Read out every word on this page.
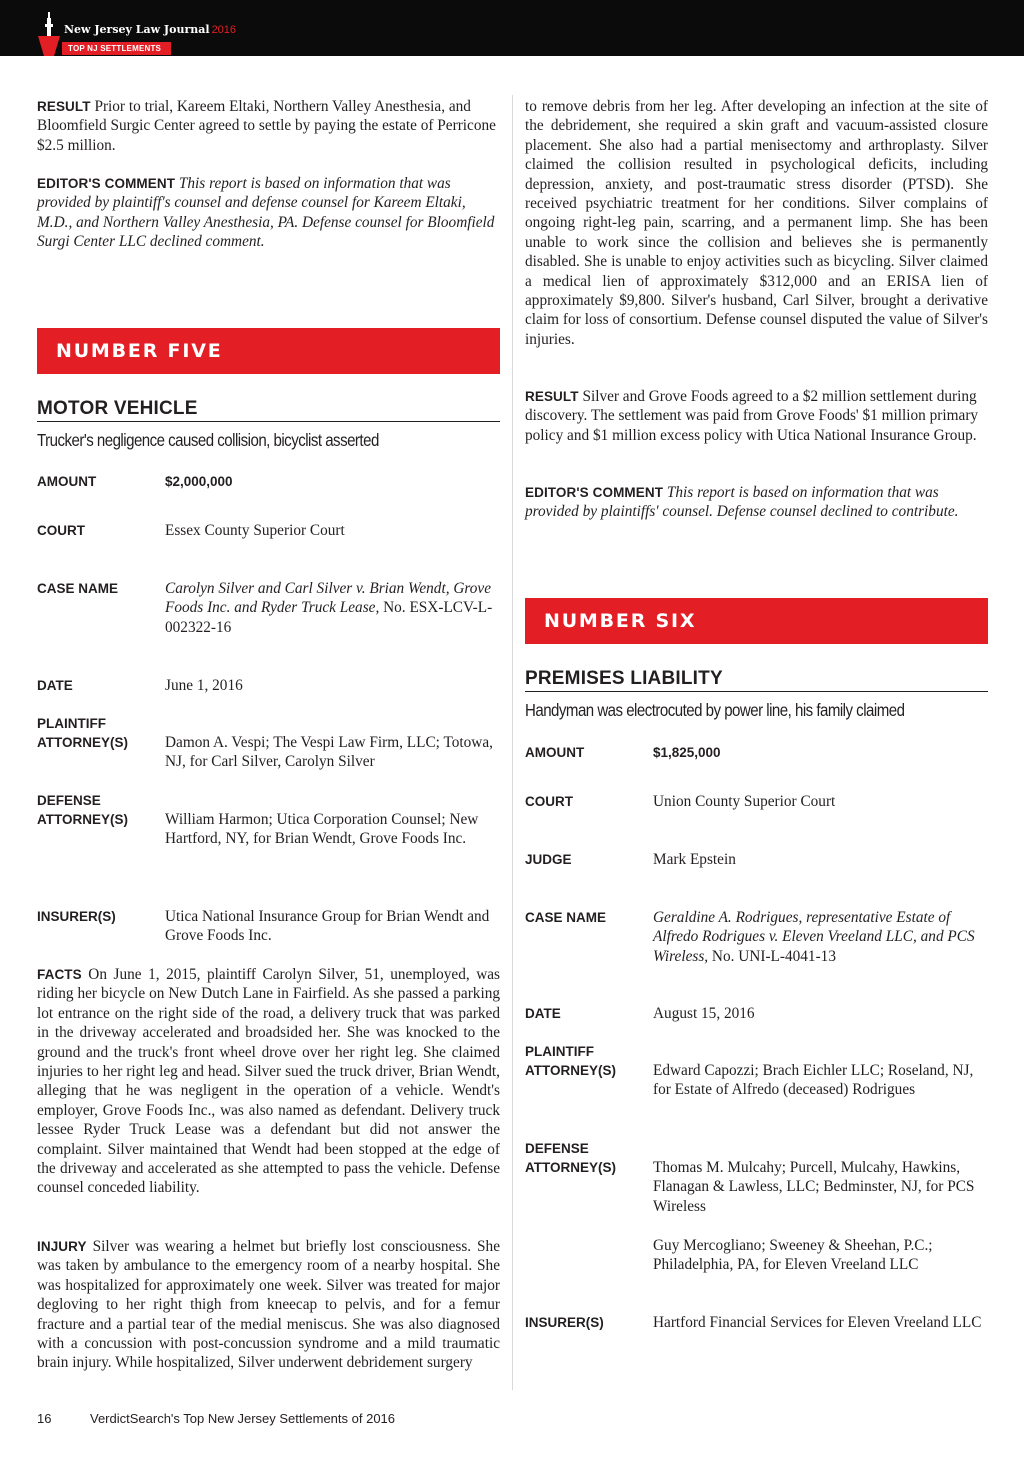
New Jersey Law Journal 2016
TOP NJ SETTLEMENTS

RESULT Prior to trial, Kareem Eltaki, Northern Valley Anesthesia, and Bloomfield Surgic Center agreed to settle by paying the estate of Perricone $2.5 million.

EDITOR'S COMMENT This report is based on information that was provided by plaintiff's counsel and defense counsel for Kareem Eltaki, M.D., and Northern Valley Anesthesia, PA. Defense counsel for Bloomfield Surgi Center LLC declined comment.

NUMBER FIVE
MOTOR VEHICLE
Trucker's negligence caused collision, bicyclist asserted
AMOUNT	$2,000,000
COURT	Essex County Superior Court
CASE NAME	Carolyn Silver and Carl Silver v. Brian Wendt, Grove Foods Inc. and Ryder Truck Lease, No. ESX-LCV-L-002322-16
DATE	June 1, 2016
PLAINTIFF
ATTORNEY(S)	Damon A. Vespi; The Vespi Law Firm, LLC; Totowa, NJ, for Carl Silver, Carolyn Silver
DEFENSE
ATTORNEY(S)	William Harmon; Utica Corporation Counsel; New Hartford, NY, for Brian Wendt, Grove Foods Inc.
INSURER(S)	Utica National Insurance Group for Brian Wendt and Grove Foods Inc.

FACTS On June 1, 2015, plaintiff Carolyn Silver, 51, unemployed, was riding her bicycle on New Dutch Lane in Fairfield. As she passed a parking lot entrance on the right side of the road, a delivery truck that was parked in the driveway accelerated and broadsided her. She was knocked to the ground and the truck's front wheel drove over her right leg. She claimed injuries to her right leg and head. Silver sued the truck driver, Brian Wendt, alleging that he was negligent in the operation of a vehicle. Wendt's employer, Grove Foods Inc., was also named as defendant. Delivery truck lessee Ryder Truck Lease was a defendant but did not answer the complaint. Silver maintained that Wendt had been stopped at the edge of the driveway and accelerated as she attempted to pass the vehicle. Defense counsel conceded liability.

INJURY Silver was wearing a helmet but briefly lost consciousness. She was taken by ambulance to the emergency room of a nearby hospital. She was hospitalized for approximately one week. Silver was treated for major degloving to her right thigh from kneecap to pelvis, and for a femur fracture and a partial tear of the medial meniscus. She was also diagnosed with a concussion with post-concussion syndrome and a mild traumatic brain injury. While hospitalized, Silver underwent debridement surgery

to remove debris from her leg. After developing an infection at the site of the debridement, she required a skin graft and vacuum-assisted closure placement. She also had a partial menisectomy and arthroplasty. Silver claimed the collision resulted in psychological deficits, including depression, anxiety, and post-traumatic stress disorder (PTSD). She received psychiatric treatment for her conditions. Silver complains of ongoing right-leg pain, scarring, and a permanent limp. She has been unable to work since the collision and believes she is permanently disabled. She is unable to enjoy activities such as bicycling. Silver claimed a medical lien of approximately $312,000 and an ERISA lien of approximately $9,800. Silver's husband, Carl Silver, brought a derivative claim for loss of consortium. Defense counsel disputed the value of Silver's injuries.

RESULT Silver and Grove Foods agreed to a $2 million settlement during discovery. The settlement was paid from Grove Foods' $1 million primary policy and $1 million excess policy with Utica National Insurance Group.

EDITOR'S COMMENT This report is based on information that was provided by plaintiffs' counsel. Defense counsel declined to contribute.

NUMBER SIX
PREMISES LIABILITY
Handyman was electrocuted by power line, his family claimed
AMOUNT	$1,825,000
COURT	Union County Superior Court
JUDGE	Mark Epstein
CASE NAME	Geraldine A. Rodrigues, representative Estate of Alfredo Rodrigues v. Eleven Vreeland LLC, and PCS Wireless, No. UNI-L-4041-13
DATE	August 15, 2016
PLAINTIFF
ATTORNEY(S)	Edward Capozzi; Brach Eichler LLC; Roseland, NJ, for Estate of Alfredo (deceased) Rodrigues
DEFENSE
ATTORNEY(S)	Thomas M. Mulcahy; Purcell, Mulcahy, Hawkins, Flanagan & Lawless, LLC; Bedminster, NJ, for PCS Wireless
Guy Mercogliano; Sweeney & Sheehan, P.C.; Philadelphia, PA, for Eleven Vreeland LLC
INSURER(S)	Hartford Financial Services for Eleven Vreeland LLC
16	VerdictSearch's Top New Jersey Settlements of 2016
